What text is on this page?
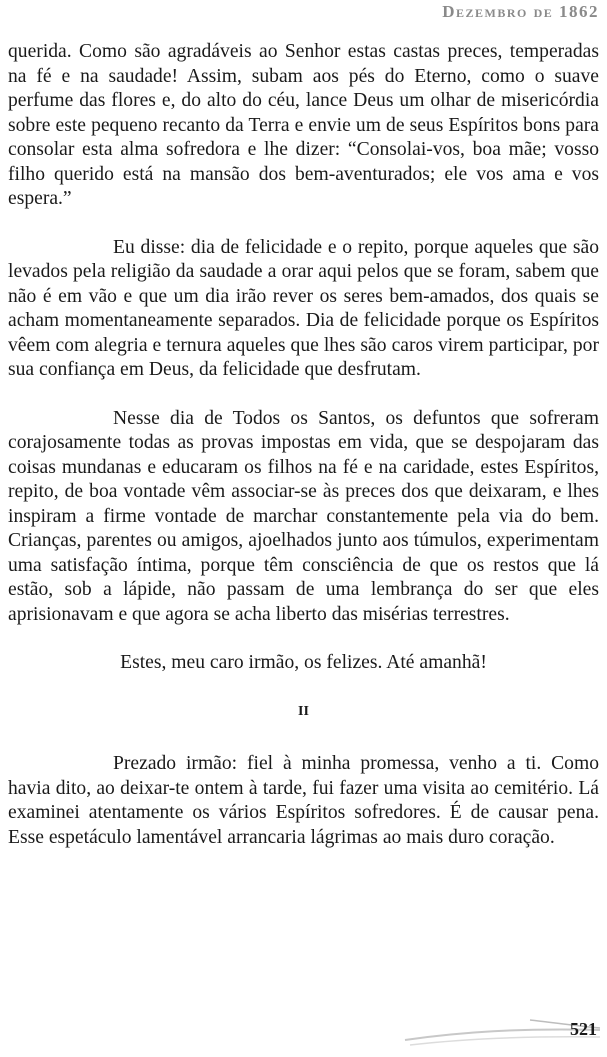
Dezembro de 1862

querida. Como são agradáveis ao Senhor estas castas preces, temperadas na fé e na saudade! Assim, subam aos pés do Eterno, como o suave perfume das flores e, do alto do céu, lance Deus um olhar de misericórdia sobre este pequeno recanto da Terra e envie um de seus Espíritos bons para consolar esta alma sofredora e lhe dizer: “Consolai-vos, boa mãe; vosso filho querido está na mansão dos bem-aventurados; ele vos ama e vos espera.”

Eu disse: dia de felicidade e o repito, porque aqueles que são levados pela religião da saudade a orar aqui pelos que se foram, sabem que não é em vão e que um dia irão rever os seres bem-amados, dos quais se acham momentaneamente separados. Dia de felicidade porque os Espíritos vêem com alegria e ternura aqueles que lhes são caros virem participar, por sua confiança em Deus, da felicidade que desfrutam.

Nesse dia de Todos os Santos, os defuntos que sofreram corajosamente todas as provas impostas em vida, que se despojaram das coisas mundanas e educaram os filhos na fé e na caridade, estes Espíritos, repito, de boa vontade vêm associar-se às preces dos que deixaram, e lhes inspiram a firme vontade de marchar constantemente pela via do bem. Crianças, parentes ou amigos, ajoelhados junto aos túmulos, experimentam uma satisfação íntima, porque têm consciência de que os restos que lá estão, sob a lápide, não passam de uma lembrança do ser que eles aprisionavam e que agora se acha liberto das misérias terrestres.

Estes, meu caro irmão, os felizes. Até amanhã!

II

Prezado irmão: fiel à minha promessa, venho a ti. Como havia dito, ao deixar-te ontem à tarde, fui fazer uma visita ao cemitério. Lá examinei atentamente os vários Espíritos sofredores. É de causar pena. Esse espetáculo lamentável arrancaria lágrimas ao mais duro coração.

521
